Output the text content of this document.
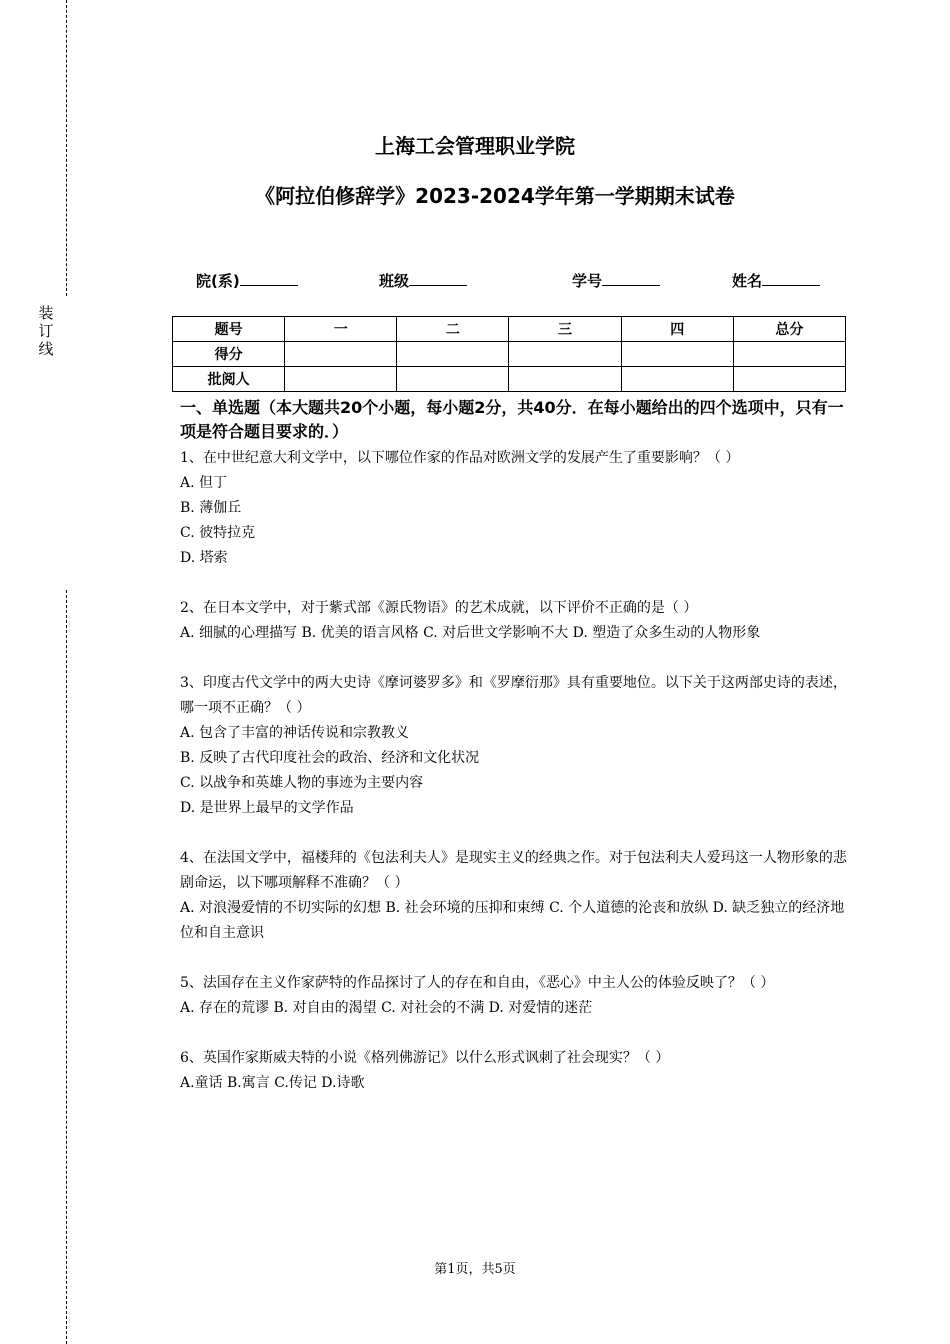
装
订
线
上海工会管理职业学院
《阿拉伯修辞学》2023-2024学年第一学期期末试卷
院(系)	班级	学号	姓名
题号	一	二	三	四	总分
得分					
批阅人					
一、单选题（本大题共20个小题，每小题2分，共40分．在每小题给出的四个选项中，只有一项是符合题目要求的．）

1、在中世纪意大利文学中，以下哪位作家的作品对欧洲文学的发展产生了重要影响？（ ）

A. 但丁

B. 薄伽丘

C. 彼特拉克

D. 塔索

2、在日本文学中，对于紫式部《源氏物语》的艺术成就，以下评价不正确的是（ ）

A. 细腻的心理描写 B. 优美的语言风格 C. 对后世文学影响不大 D. 塑造了众多生动的人物形象

3、印度古代文学中的两大史诗《摩诃婆罗多》和《罗摩衍那》具有重要地位。以下关于这两部史诗的表述，哪一项不正确？（ ）

A. 包含了丰富的神话传说和宗教教义

B. 反映了古代印度社会的政治、经济和文化状况

C. 以战争和英雄人物的事迹为主要内容

D. 是世界上最早的文学作品

4、在法国文学中，福楼拜的《包法利夫人》是现实主义的经典之作。对于包法利夫人爱玛这一人物形象的悲剧命运，以下哪项解释不准确？（ ）

A. 对浪漫爱情的不切实际的幻想 B. 社会环境的压抑和束缚 C. 个人道德的沦丧和放纵 D. 缺乏独立的经济地位和自主意识

5、法国存在主义作家萨特的作品探讨了人的存在和自由，《恶心》中主人公的体验反映了？（ ）

A. 存在的荒谬 B. 对自由的渴望 C. 对社会的不满 D. 对爱情的迷茫

6、英国作家斯威夫特的小说《格列佛游记》以什么形式讽刺了社会现实？（ ）

A.童话 B.寓言 C.传记 D.诗歌

第1页，共5页
